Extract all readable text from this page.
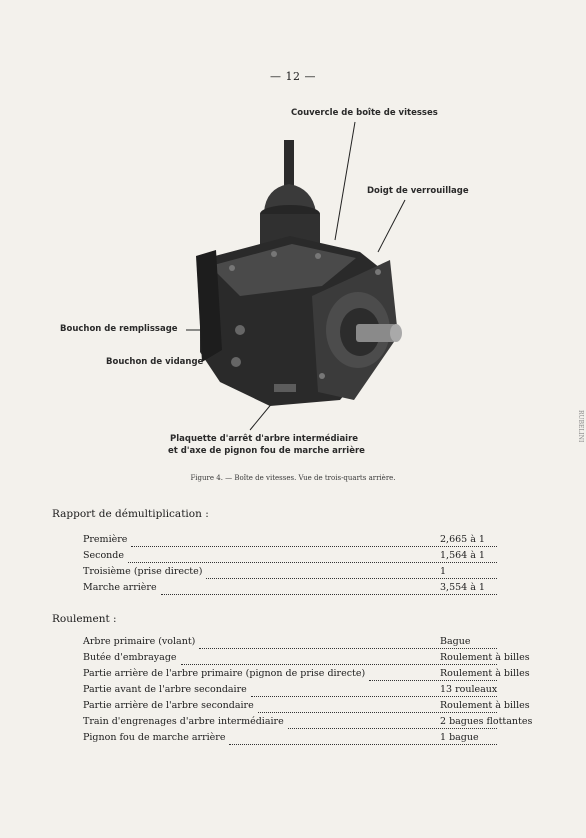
— 12 —
Couvercle de boîte de vitesses
Doigt de verrouillage
Bouchon de remplissage
Bouchon de vidange
Plaquette d'arrêt d'arbre intermédiaire
et d'axe de pignon fou de marche arrière
Figure 4. — Boîte de vitesses. Vue de trois-quarts arrière.
Rapport de démultiplication :
Première	2,665 à 1
Seconde	1,564 à 1
Troisième (prise directe)	1
Marche arrière	3,554 à 1
Roulement :
Arbre primaire (volant)	Bague
Butée d'embrayage	Roulement à billes
Partie arrière de l'arbre primaire (pignon de prise directe)	Roulement à billes
Partie avant de l'arbre secondaire	13 rouleaux
Partie arrière de l'arbre secondaire	Roulement à billes
Train d'engrenages d'arbre intermédiaire	2 bagues flottantes
Pignon fou de marche arrière	1 bague
RUBELINI
